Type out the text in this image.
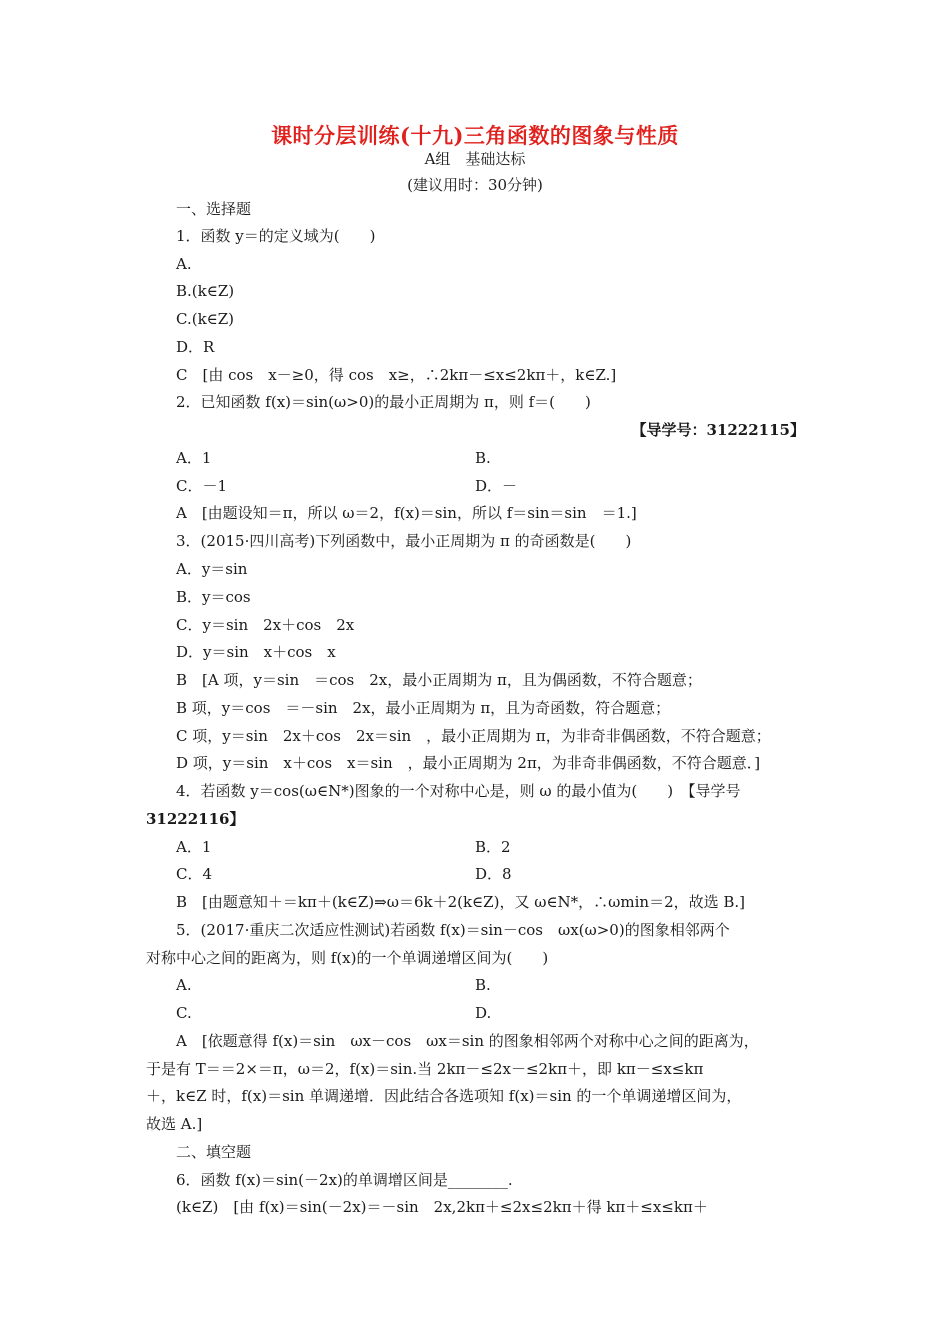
课时分层训练(十九)三角函数的图象与性质
A组　基础达标
(建议用时：30分钟)
一、选择题
1．函数 y＝的定义域为(　　)
A.
B.(k∈Z)
C.(k∈Z)
D．R
C　[由 cos　x－≥0，得 cos　x≥，∴2kπ－≤x≤2kπ＋，k∈Z.]
2．已知函数 f(x)＝sin(ω>0)的最小正周期为 π，则 f＝(　　)
【导学号：31222115】
A．1	B.
C．－1	D．－
A　[由题设知＝π，所以 ω＝2，f(x)＝sin，所以 f＝sin＝sin　＝1.]
3．(2015·四川高考)下列函数中，最小正周期为 π 的奇函数是(　　)
A．y＝sin
B．y＝cos
C．y＝sin　2x＋cos　2x
D．y＝sin　x＋cos　x
B　[A 项，y＝sin　＝cos　2x，最小正周期为 π，且为偶函数，不符合题意；
B 项，y＝cos　＝－sin　2x，最小正周期为 π，且为奇函数，符合题意；
C 项，y＝sin　2x＋cos　2x＝sin　，最小正周期为 π，为非奇非偶函数，不符合题意；
D 项，y＝sin　x＋cos　x＝sin　，最小正周期为 2π，为非奇非偶函数，不符合题意．]
4．若函数 y＝cos(ω∈N*)图象的一个对称中心是，则 ω 的最小值为(　　)　【导学号
31222116】
A．1	B．2
C．4	D．8
B　[由题意知＋＝kπ＋(k∈Z)⇒ω＝6k＋2(k∈Z)，又 ω∈N*，∴ωmin＝2，故选 B.]
5．(2017·重庆二次适应性测试)若函数 f(x)＝sin－cos　ωx(ω>0)的图象相邻两个
对称中心之间的距离为，则 f(x)的一个单调递增区间为(　　)
A.	B.
C.	D.
A　[依题意得 f(x)＝sin　ωx－cos　ωx＝sin 的图象相邻两个对称中心之间的距离为，
于是有 T＝＝2×＝π，ω＝2，f(x)＝sin.当 2kπ－≤2x－≤2kπ＋，即 kπ－≤x≤kπ
＋，k∈Z 时，f(x)＝sin 单调递增．因此结合各选项知 f(x)＝sin 的一个单调递增区间为，
故选 A.]
二、填空题
6．函数 f(x)＝sin(－2x)的单调增区间是________.
(k∈Z)　[由 f(x)＝sin(－2x)＝－sin　2x,2kπ＋≤2x≤2kπ＋得 kπ＋≤x≤kπ＋
